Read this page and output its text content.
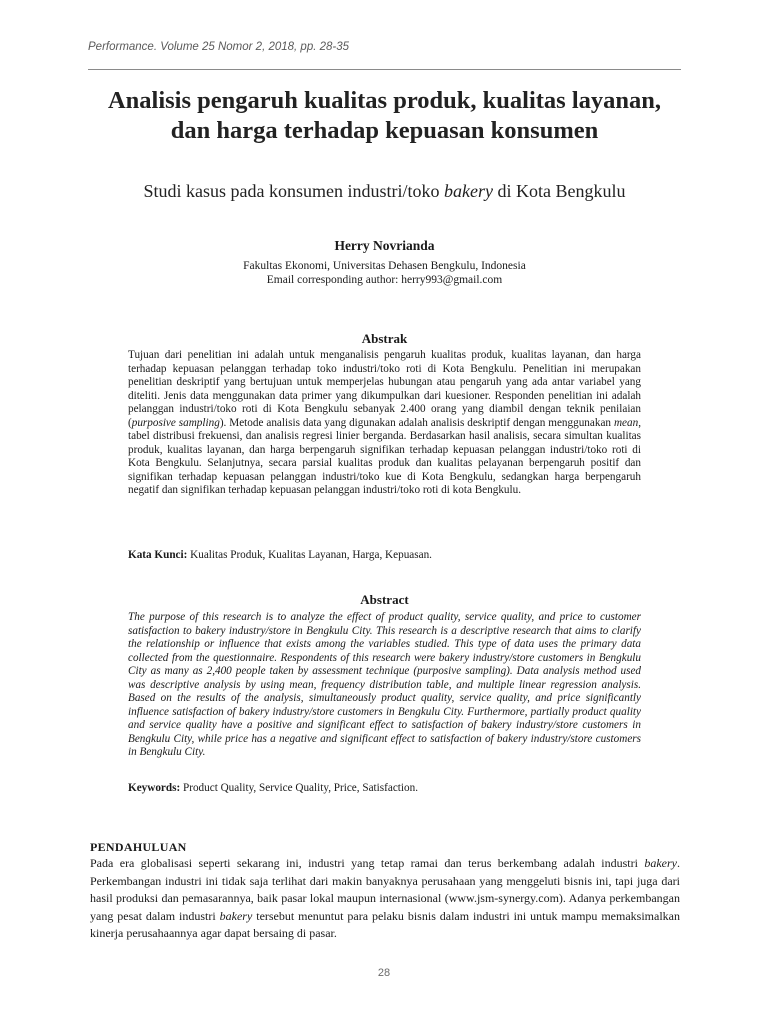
Performance. Volume 25 Nomor 2, 2018, pp. 28-35
Analisis pengaruh kualitas produk, kualitas layanan, dan harga terhadap kepuasan konsumen

Studi kasus pada konsumen industri/toko bakery di Kota Bengkulu

Herry Novrianda
Fakultas Ekonomi, Universitas Dehasen Bengkulu, Indonesia
Email corresponding author: herry993@gmail.com
Abstrak

Tujuan dari penelitian ini adalah untuk menganalisis pengaruh kualitas produk, kualitas layanan, dan harga terhadap kepuasan pelanggan terhadap toko industri/toko roti di Kota Bengkulu. Penelitian ini merupakan penelitian deskriptif yang bertujuan untuk memperjelas hubungan atau pengaruh yang ada antar variabel yang diteliti. Jenis data menggunakan data primer yang dikumpulkan dari kuesioner. Responden penelitian ini adalah pelanggan industri/toko roti di Kota Bengkulu sebanyak 2.400 orang yang diambil dengan teknik penilaian (purposive sampling). Metode analisis data yang digunakan adalah analisis deskriptif dengan menggunakan mean, tabel distribusi frekuensi, dan analisis regresi linier berganda. Berdasarkan hasil analisis, secara simultan kualitas produk, kualitas layanan, dan harga berpengaruh signifikan terhadap kepuasan pelanggan industri/toko roti di Kota Bengkulu. Selanjutnya, secara parsial kualitas produk dan kualitas pelayanan berpengaruh positif dan signifikan terhadap kepuasan pelanggan industri/toko kue di Kota Bengkulu, sedangkan harga berpengaruh negatif dan signifikan terhadap kepuasan pelanggan industri/toko roti di kota Bengkulu.

Kata Kunci: Kualitas Produk, Kualitas Layanan, Harga, Kepuasan.
Abstract

The purpose of this research is to analyze the effect of product quality, service quality, and price to customer satisfaction to bakery industry/store in Bengkulu City. This research is a descriptive research that aims to clarify the relationship or influence that exists among the variables studied. This type of data uses the primary data collected from the questionnaire. Respondents of this research were bakery industry/store customers in Bengkulu City as many as 2,400 people taken by assessment technique (purposive sampling). Data analysis method used was descriptive analysis by using mean, frequency distribution table, and multiple linear regression analysis. Based on the results of the analysis, simultaneously product quality, service quality, and price significantly influence satisfaction of bakery industry/store customers in Bengkulu City. Furthermore, partially product quality and service quality have a positive and significant effect to satisfaction of bakery industry/store customers in Bengkulu City, while price has a negative and significant effect to satisfaction of bakery industry/store customers in Bengkulu City.

Keywords: Product Quality, Service Quality, Price, Satisfaction.
PENDAHULUAN

Pada era globalisasi seperti sekarang ini, industri yang tetap ramai dan terus berkembang adalah industri bakery. Perkembangan industri ini tidak saja terlihat dari makin banyaknya perusahaan yang menggeluti bisnis ini, tapi juga dari hasil produksi dan pemasarannya, baik pasar lokal maupun internasional (www.jsm-synergy.com). Adanya perkembangan yang pesat dalam industri bakery tersebut menuntut para pelaku bisnis dalam industri ini untuk mampu memaksimalkan kinerja perusahaannya agar dapat bersaing di pasar.

28
